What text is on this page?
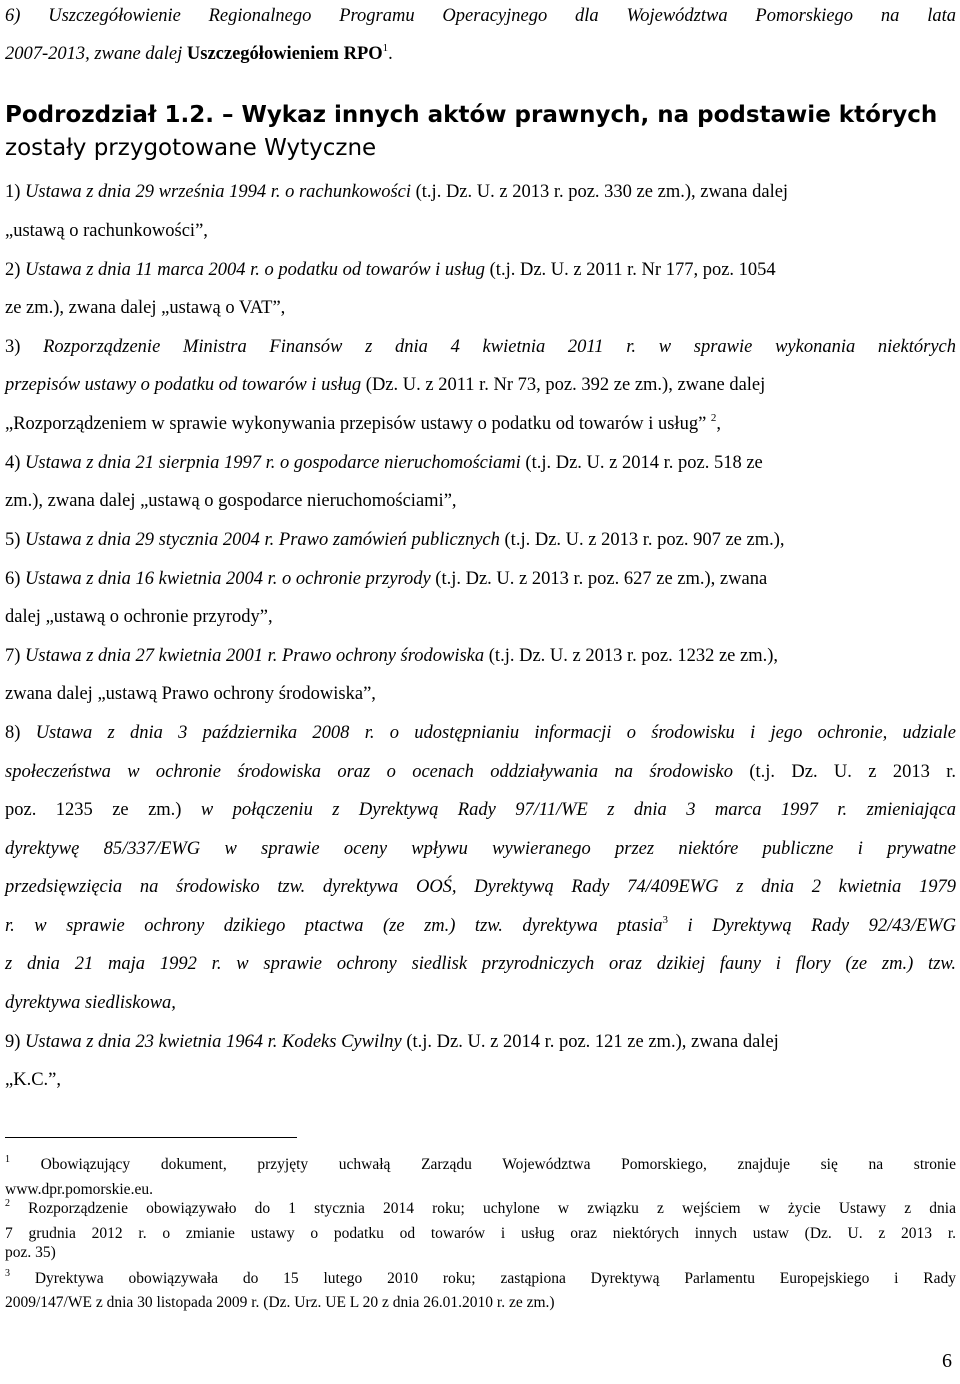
6) Uszczegółowienie Regionalnego Programu Operacyjnego dla Województwa Pomorskiego na lata
2007-2013, zwane dalej Uszczegółowieniem RPO$^1$.
Podrozdział 1.2. – Wykaz innych aktów prawnych, na podstawie których
zostały przygotowane Wytyczne
1) Ustawa z dnia 29 września 1994 r. o rachunkowości (t.j. Dz. U. z 2013 r. poz. 330 ze zm.), zwana dalej
„ustawą o rachunkowości”,
2) Ustawa z dnia 11 marca 2004 r. o podatku od towarów i usług (t.j. Dz. U. z 2011 r. Nr 177, poz. 1054
ze zm.), zwana dalej „ustawą o VAT”,
3) Rozporządzenie Ministra Finansów z dnia 4 kwietnia 2011 r. w sprawie wykonania niektórych
przepisów ustawy o podatku od towarów i usług (Dz. U. z 2011 r. Nr 73, poz. 392 ze zm.), zwane dalej
„Rozporządzeniem w sprawie wykonywania przepisów ustawy o podatku od towarów i usług” $^2$,
4) Ustawa z dnia 21 sierpnia 1997 r. o gospodarce nieruchomościami (t.j. Dz. U. z 2014 r. poz. 518 ze
zm.), zwana dalej „ustawą o gospodarce nieruchomościami”,
5) Ustawa z dnia 29 stycznia 2004 r. Prawo zamówień publicznych (t.j. Dz. U. z 2013 r. poz. 907 ze zm.),
6) Ustawa z dnia 16 kwietnia 2004 r. o ochronie przyrody (t.j. Dz. U. z 2013 r. poz. 627 ze zm.), zwana
dalej „ustawą o ochronie przyrody”,
7) Ustawa z dnia 27 kwietnia 2001 r. Prawo ochrony środowiska (t.j. Dz. U. z 2013 r. poz. 1232 ze zm.),
zwana dalej „ustawą Prawo ochrony środowiska”,
8) Ustawa z dnia 3 października 2008 r. o udostępnianiu informacji o środowisku i jego ochronie, udziale
społeczeństwa w ochronie środowiska oraz o ocenach oddziaływania na środowisko (t.j. Dz. U. z 2013 r.
poz. 1235 ze zm.) w połączeniu z Dyrektywą Rady 97/11/WE z dnia 3 marca 1997 r. zmieniająca
dyrektywę 85/337/EWG w sprawie oceny wpływu wywieranego przez niektóre publiczne i prywatne
przedsięwzięcia na środowisko tzw. dyrektywa OOŚ, Dyrektywą Rady 74/409EWG z dnia 2 kwietnia 1979
r. w sprawie ochrony dzikiego ptactwa (ze zm.) tzw. dyrektywa ptasia$^3$ i Dyrektywą Rady 92/43/EWG
z dnia 21 maja 1992 r. w sprawie ochrony siedlisk przyrodniczych oraz dzikiej fauny i flory (ze zm.) tzw.
dyrektywa siedliskowa,
9) Ustawa z dnia 23 kwietnia 1964 r. Kodeks Cywilny (t.j. Dz. U. z 2014 r. poz. 121 ze zm.), zwana dalej
„K.C.”,
$^1$ Obowiązujący dokument, przyjęty uchwałą Zarządu Województwa Pomorskiego, znajduje się na stronie
www.dpr.pomorskie.eu.
$^2$ Rozporządzenie obowiązywało do 1 stycznia 2014 roku; uchylone w związku z wejściem w życie Ustawy z dnia
7 grudnia 2012 r. o zmianie ustawy o podatku od towarów i usług oraz niektórych innych ustaw (Dz. U. z 2013 r.
poz. 35)
$^3$ Dyrektywa obowiązywała do 15 lutego 2010 roku; zastąpiona Dyrektywą Parlamentu Europejskiego i Rady
2009/147/WE z dnia 30 listopada 2009 r. (Dz. Urz. UE L 20 z dnia 26.01.2010 r. ze zm.)
6
